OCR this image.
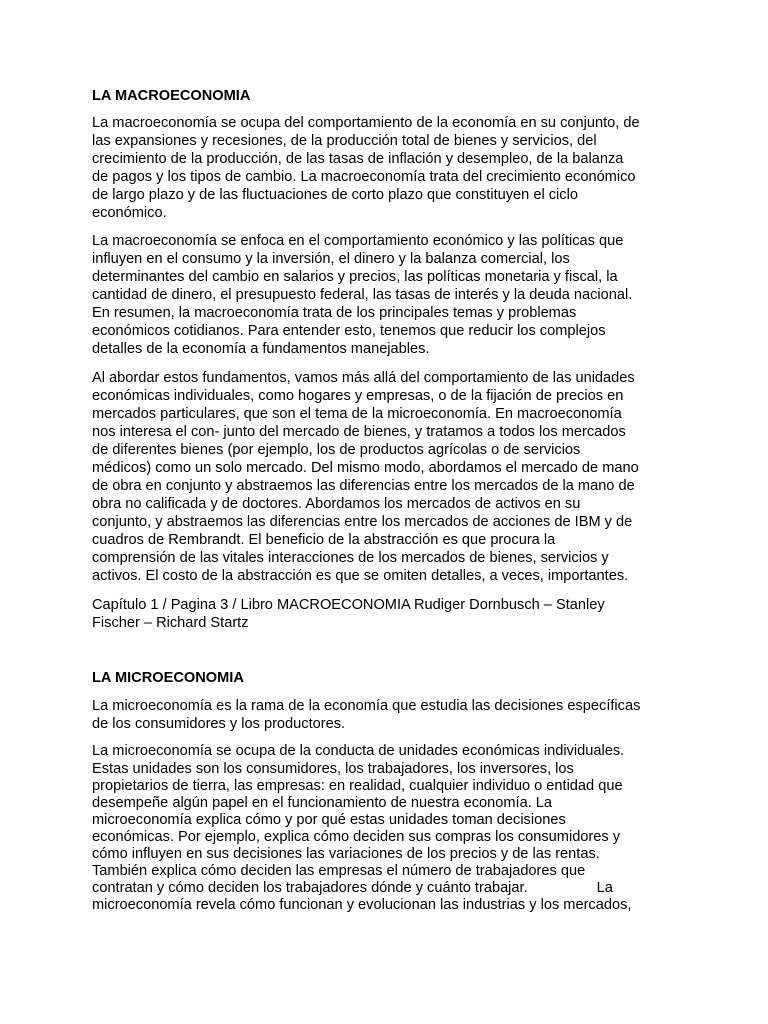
LA MACROECONOMIA

La macroeconomía se ocupa del comportamiento de la economía en su conjunto, de

las expansiones y recesiones, de la producción total de bienes y servicios, del

crecimiento de la producción, de las tasas de inflación y desempleo, de la balanza

de pagos y los tipos de cambio. La macroeconomía trata del crecimiento económico

de largo plazo y de las fluctuaciones de corto plazo que constituyen el ciclo

económico.

La macroeconomía se enfoca en el comportamiento económico y las políticas que

influyen en el consumo y la inversión, el dinero y la balanza comercial, los

determinantes del cambio en salarios y precios, las políticas monetaria y fiscal, la

cantidad de dinero, el presupuesto federal, las tasas de interés y la deuda nacional.

En resumen, la macroeconomía trata de los principales temas y problemas

económicos cotidianos. Para entender esto, tenemos que reducir los complejos

detalles de la economía a fundamentos manejables.

Al abordar estos fundamentos, vamos más allá del comportamiento de las unidades

económicas individuales, como hogares y empresas, o de la fijación de precios en

mercados particulares, que son el tema de la microeconomía. En macroeconomía

nos interesa el con- junto del mercado de bienes, y tratamos a todos los mercados

de diferentes bienes (por ejemplo, los de productos agrícolas o de servicios

médicos) como un solo mercado. Del mismo modo, abordamos el mercado de mano

de obra en conjunto y abstraemos las diferencias entre los mercados de la mano de

obra no calificada y de doctores. Abordamos los mercados de activos en su

conjunto, y abstraemos las diferencias entre los mercados de acciones de IBM y de

cuadros de Rembrandt. El beneficio de la abstracción es que procura la

comprensión de las vitales interacciones de los mercados de bienes, servicios y

activos. El costo de la abstracción es que se omiten detalles, a veces, importantes.

Capítulo 1 / Pagina 3 / Libro MACROECONOMIA Rudiger Dornbusch – Stanley

Fischer – Richard Startz

LA MICROECONOMIA

La microeconomía es la rama de la economía que estudia las decisiones específicas

de los consumidores y los productores.

La microeconomía se ocupa de la conducta de unidades económicas individuales.

Estas unidades son los consumidores, los trabajadores, los inversores, los

propietarios de tierra, las empresas: en realidad, cualquier individuo o entidad que

desempeñe algún papel en el funcionamiento de nuestra economía. La

microeconomía explica cómo y por qué estas unidades toman decisiones

económicas. Por ejemplo, explica cómo deciden sus compras los consumidores y

cómo influyen en sus decisiones las variaciones de los precios y de las rentas.

También explica cómo deciden las empresas el número de trabajadores que

contratan y cómo deciden los trabajadores dónde y cuánto trabajar.                 La

microeconomía revela cómo funcionan y evolucionan las industrias y los mercados,
